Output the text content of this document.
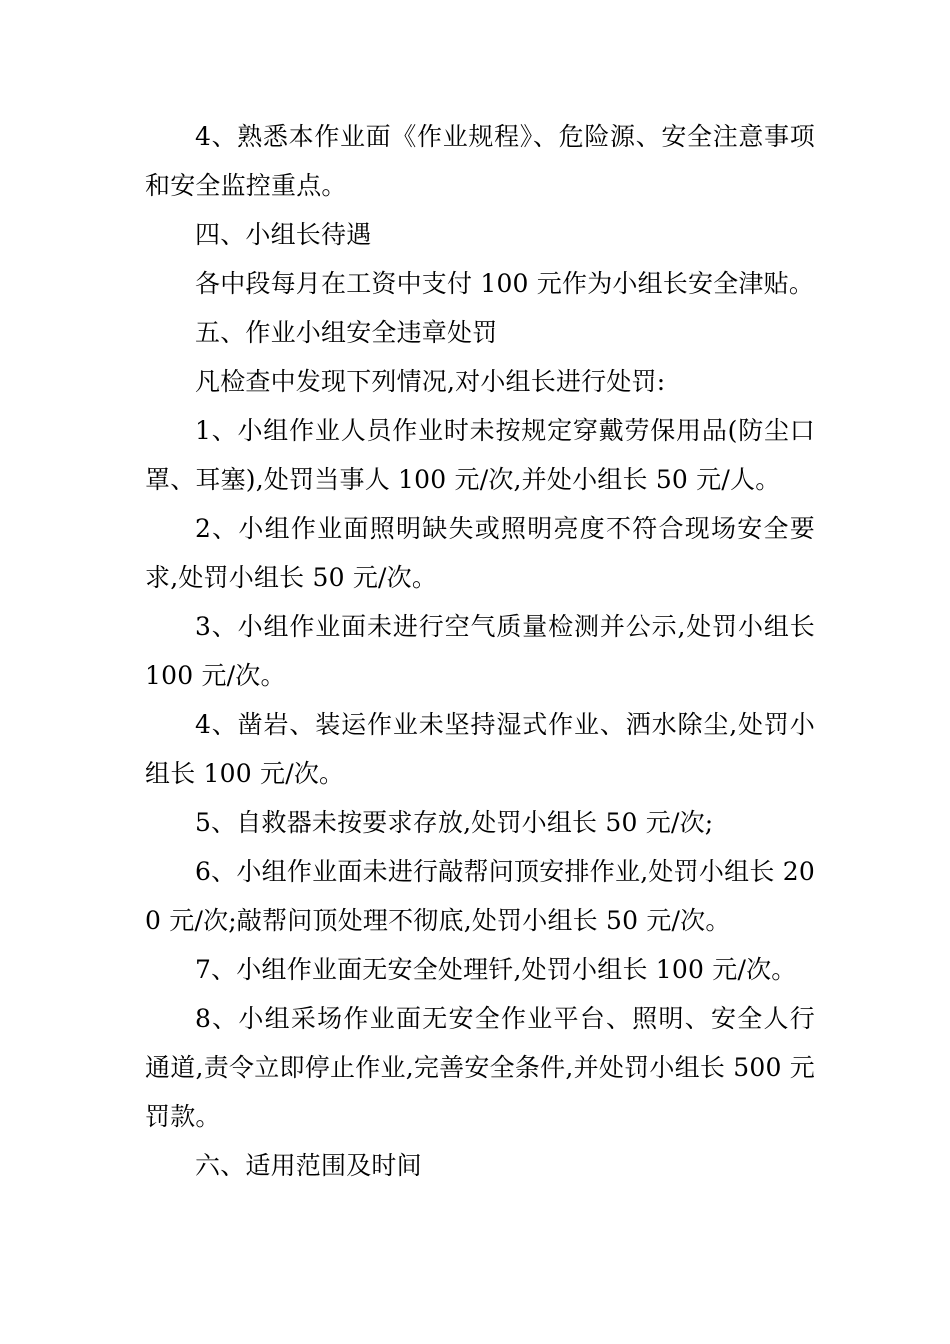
4、熟悉本作业面《作业规程》、危险源、安全注意事项和安全监控重点。

四、小组长待遇

各中段每月在工资中支付 100 元作为小组长安全津贴。

五、作业小组安全违章处罚

凡检查中发现下列情况,对小组长进行处罚:

1、小组作业人员作业时未按规定穿戴劳保用品(防尘口罩、耳塞),处罚当事人 100 元/次,并处小组长 50 元/人。

2、小组作业面照明缺失或照明亮度不符合现场安全要求,处罚小组长 50 元/次。

3、小组作业面未进行空气质量检测并公示,处罚小组长 100 元/次。

4、凿岩、装运作业未坚持湿式作业、洒水除尘,处罚小组长 100 元/次。

5、自救器未按要求存放,处罚小组长 50 元/次;

6、小组作业面未进行敲帮问顶安排作业,处罚小组长 200 元/次;敲帮问顶处理不彻底,处罚小组长 50 元/次。

7、小组作业面无安全处理钎,处罚小组长 100 元/次。

8、小组采场作业面无安全作业平台、照明、安全人行通道,责令立即停止作业,完善安全条件,并处罚小组长 500 元罚款。

六、适用范围及时间
